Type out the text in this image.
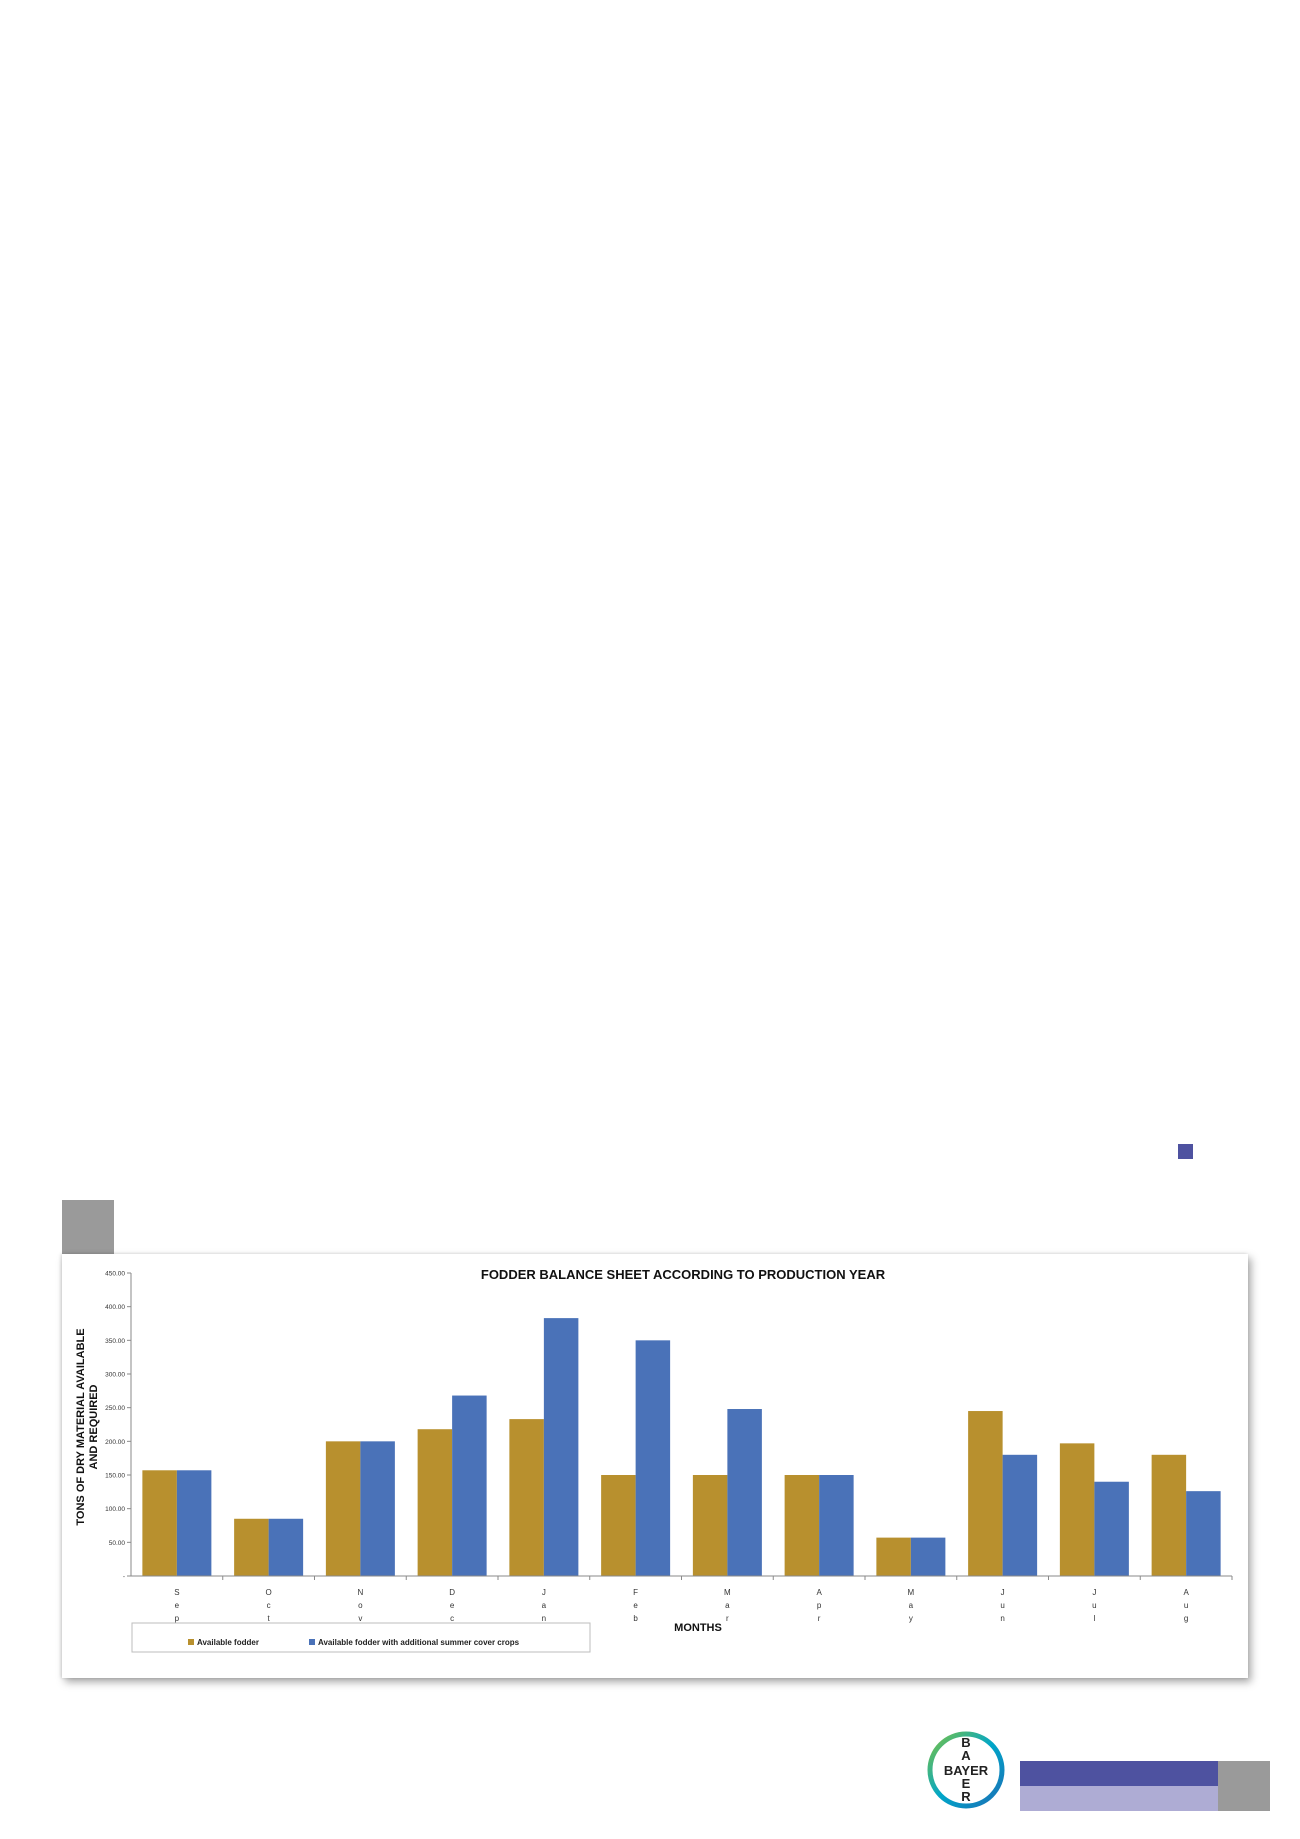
FODDER BALANCE SHEET ACCORDING TO PRODUCTION YEAR
TONS OF DRY MATERIAL AVAILABLE AND REQUIRED
-
50.00
100.00
150.00
200.00
250.00
300.00
350.00
400.00
450.00
S e p
O c t
N o v
D e c
J a n
F e b
M a r
A p r
M a y
J u n
J u l
A u g
MONTHS
Available fodder	Available fodder with additional summer cover crops
BAYER
B
A
E
R
